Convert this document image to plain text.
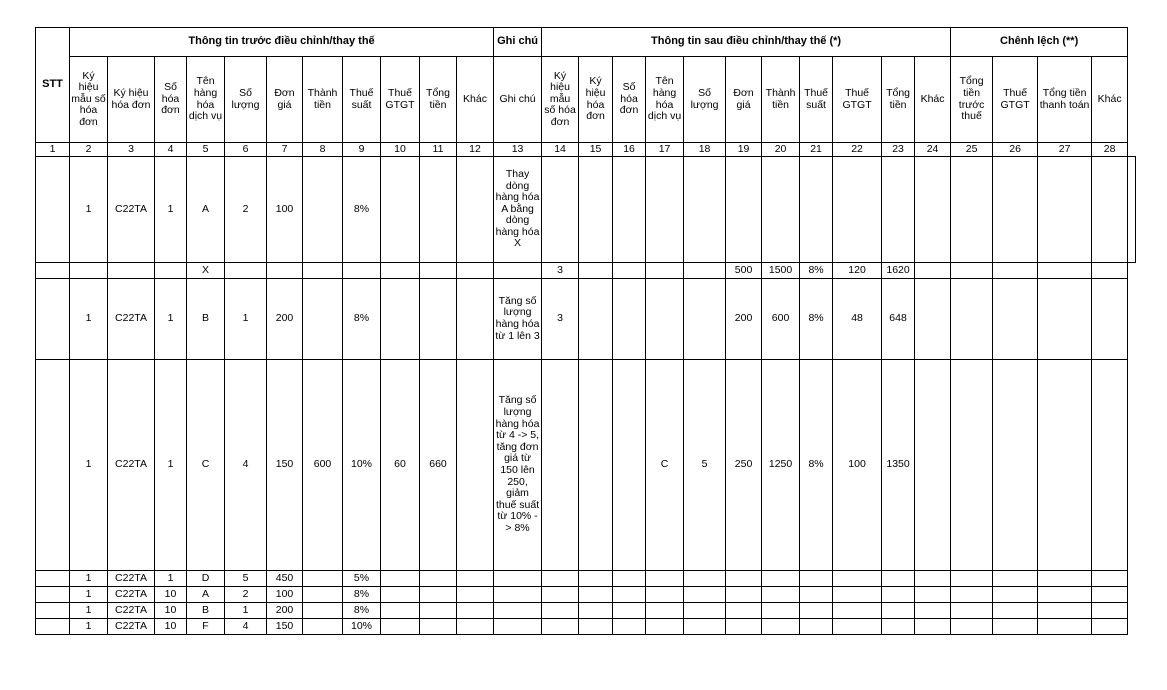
STT	Thông tin trước điều chỉnh/thay thế											Ghi chú	Thông tin sau điều chỉnh/thay thế (*)											Chênh lệch (**)				
	Ký hiệu mẫu số hóa đơn	Ký hiệu hóa đơn	Số hóa đơn	Tên hàng hóa dịch vụ	Số lượng	Đơn giá	Thành tiền	Thuế suất	Thuế GTGT	Tổng tiền	Khác	Ghi chú	Ký hiệu mẫu số hóa đơn	Ký hiệu hóa đơn	Số hóa đơn	Tên hàng hóa dịch vụ	Số lượng	Đơn giá	Thành tiền	Thuế suất	Thuế GTGT	Tổng tiền	Khác	Tổng tiền trước thuế	Thuế GTGT	Tổng tiền thanh toán	Khác	
1	2	3	4	5	6	7	8	9	10	11	12	13	14	15	16	17	18	19	20	21	22	23	24	25	26	27	28	
	1	C22TA	1	A	2	100		8%				Thay dòng hàng hóa A bằng dòng hàng hóa X																
				X									3					500	1500	8%	120	1620						
	1	C22TA	1	B	1	200		8%				Tăng số lượng hàng hóa từ 1 lên 3	3					200	600	8%	48	648						
	1	C22TA	1	C	4	150	600	10%	60	660		Tăng số lượng hàng hóa từ 4 -> 5, tăng đơn giá từ 150 lên 250, giảm thuế suất từ 10% -> 8%				C	5	250	1250	8%	100	1350						
	1	C22TA	1	D	5	450		5%																				
	1	C22TA	10	A	2	100		8%																				
	1	C22TA	10	B	1	200		8%																				
	1	C22TA	10	F	4	150		10%																				
